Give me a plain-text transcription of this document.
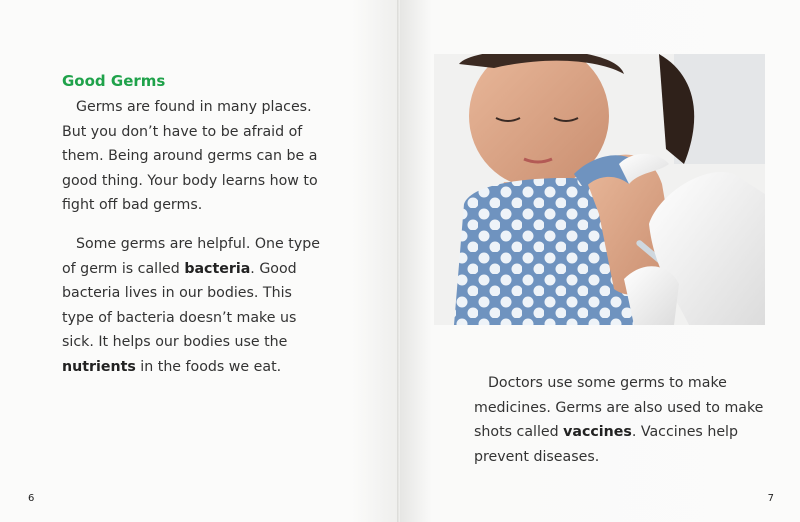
Good Germs

Germs are found in many places. But you don’t have to be afraid of them. Being around germs can be a good thing. Your body learns how to fight off bad germs.

Some germs are helpful. One type of germ is called bacteria. Good bacteria lives in our bodies. This type of bacteria doesn’t make us sick. It helps our bodies use the nutrients in the foods we eat.

6

Doctors use some germs to make medicines. Germs are also used to make shots called vaccines. Vaccines help prevent diseases.

7
